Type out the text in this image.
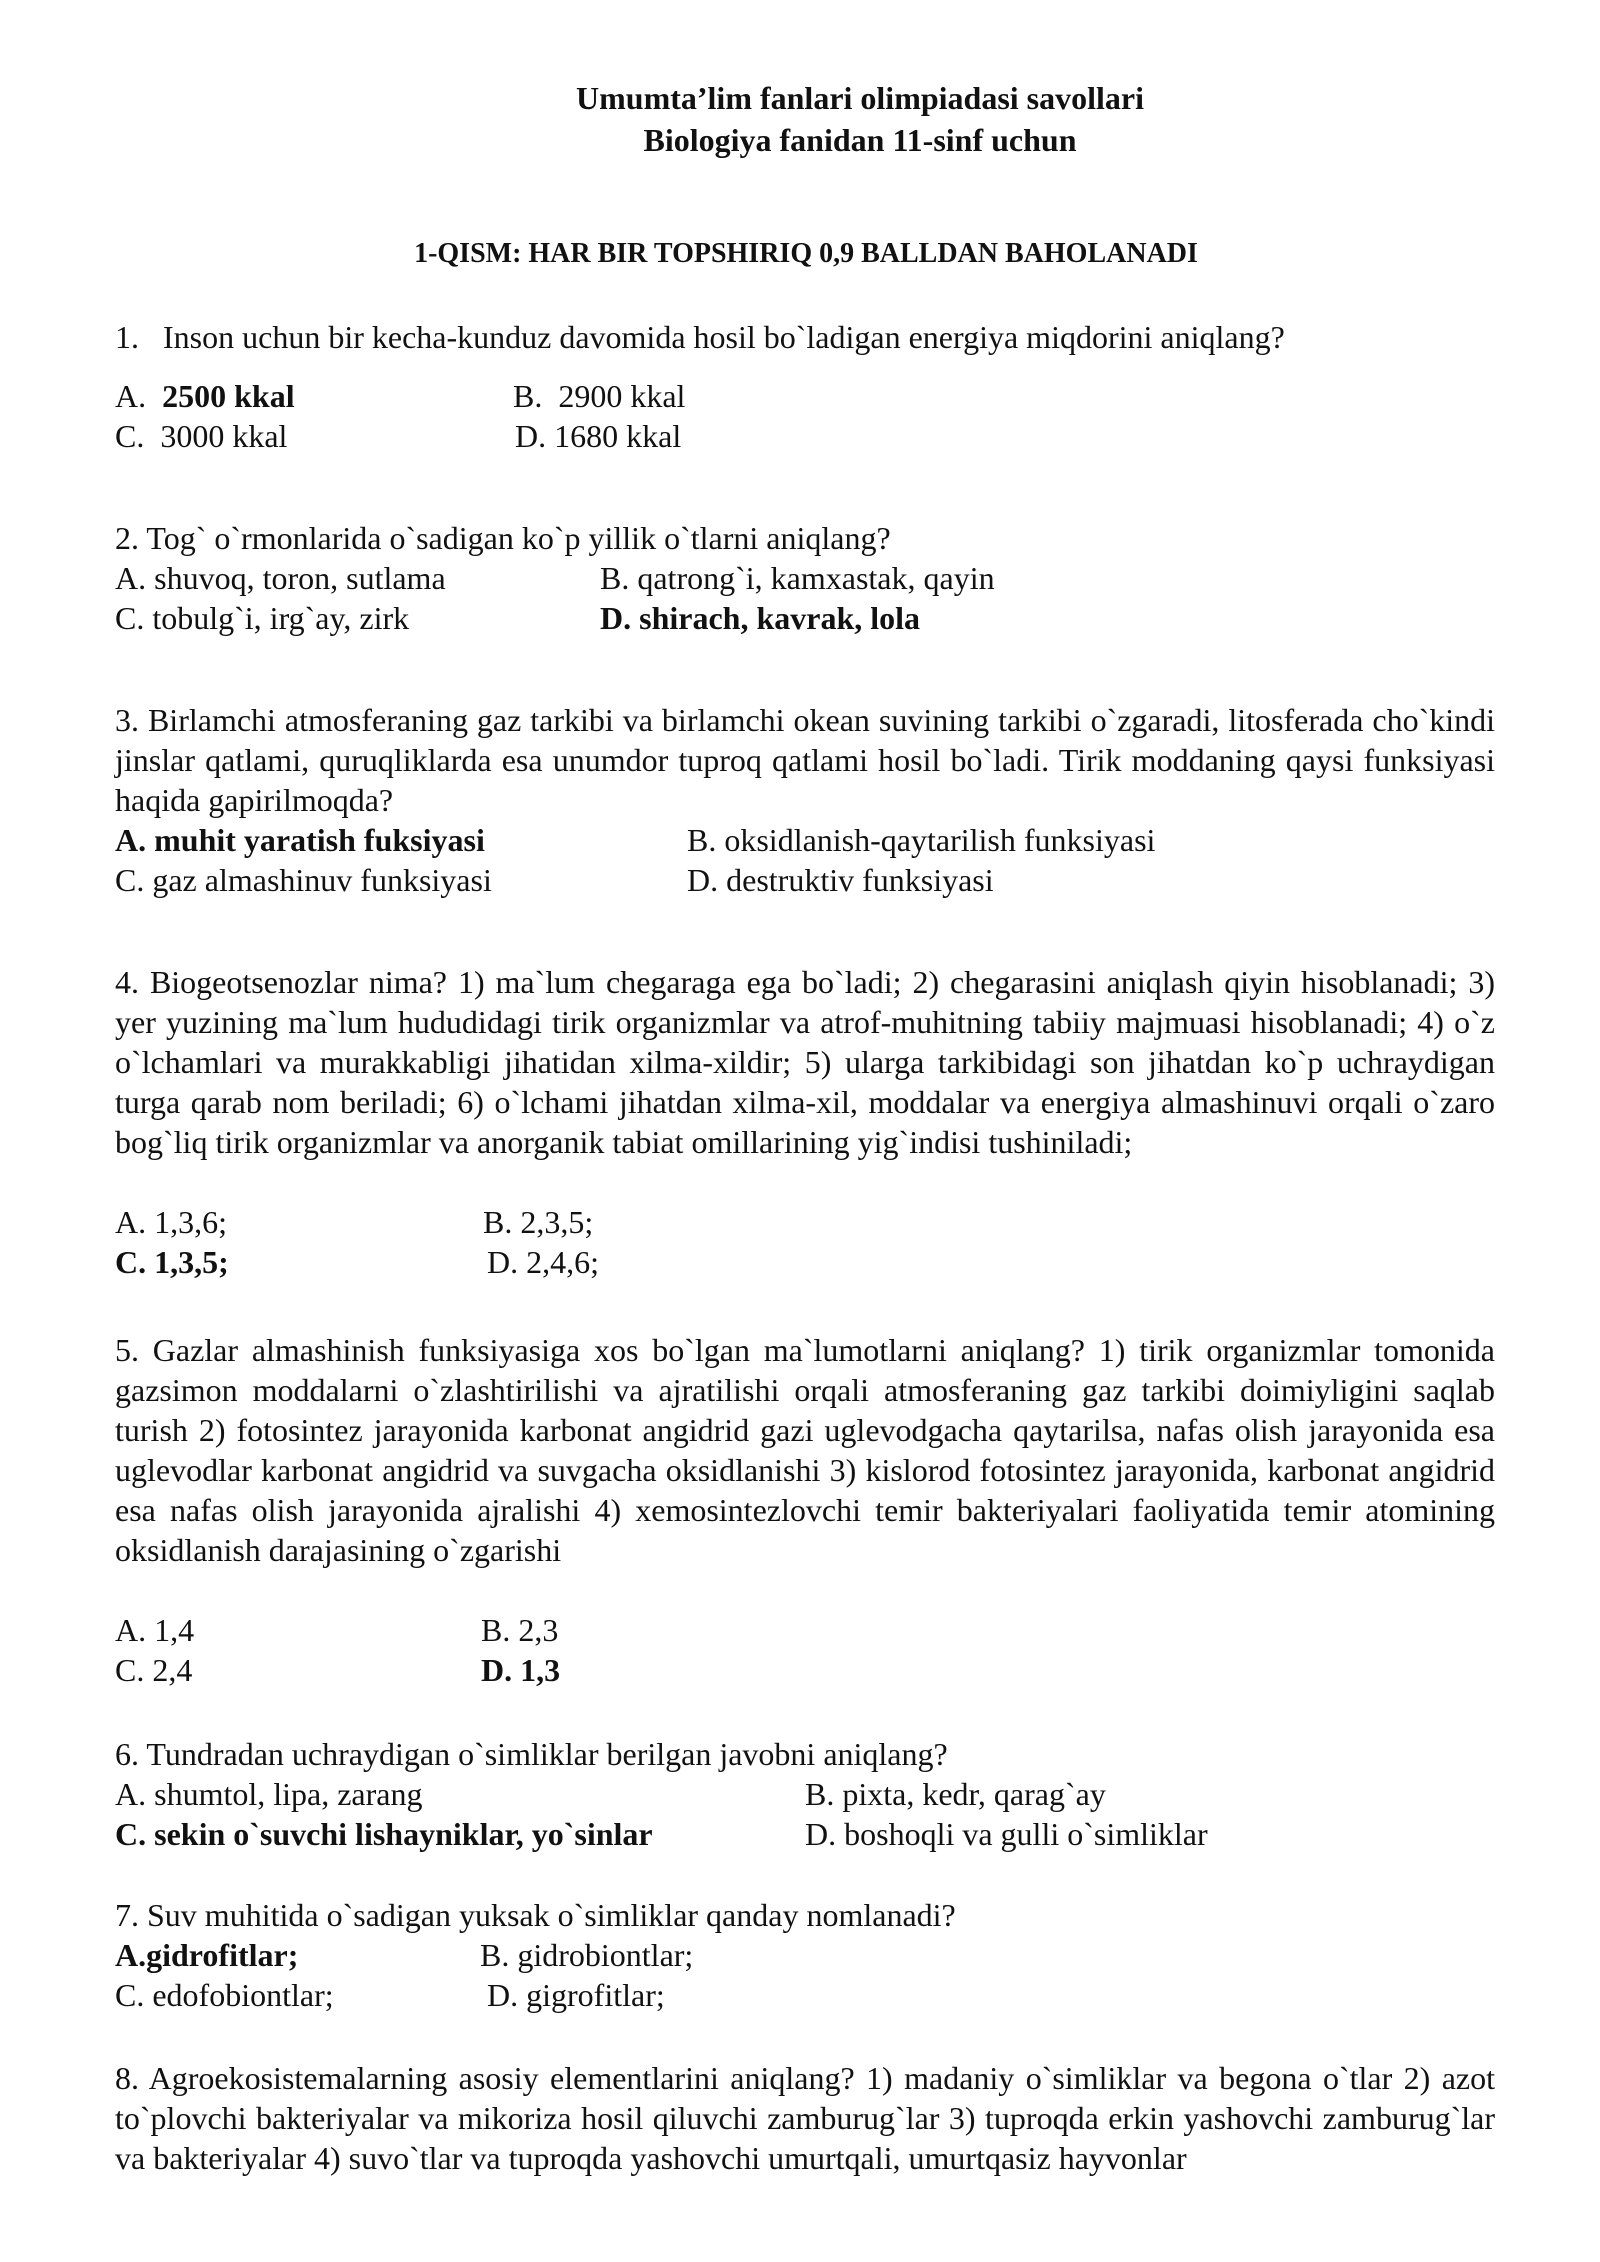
Umumta’lim fanlari olimpiadasi savollari
Biologiya fanidan 11-sinf uchun
1-QISM: HAR BIR TOPSHIRIQ 0,9 BALLDAN BAHOLANADI
1.   Inson uchun bir kecha-kunduz davomida hosil bo`ladigan energiya miqdorini aniqlang?
A. 2500 kkal	B. 2900 kkal
C. 3000 kkal	D. 1680 kkal
2. Tog` o`rmonlarida o`sadigan ko`p yillik o`tlarni aniqlang?
A. shuvoq, toron, sutlama	B. qatrong`i, kamxastak, qayin
C. tobulg`i, irg`ay, zirk	D. shirach, kavrak, lola
3. Birlamchi atmosferaning gaz tarkibi va birlamchi okean suvining tarkibi o`zgaradi, litosferada cho`kindi jinslar qatlami, quruqliklarda esa unumdor tuproq qatlami hosil bo`ladi. Tirik moddaning qaysi funksiyasi haqida gapirilmoqda?
A. muhit yaratish fuksiyasi	B. oksidlanish-qaytarilish funksiyasi
C. gaz almashinuv funksiyasi	D. destruktiv funksiyasi
4. Biogeotsenozlar nima? 1) ma`lum chegaraga ega bo`ladi; 2) chegarasini aniqlash qiyin hisoblanadi; 3) yer yuzining ma`lum hududidagi tirik organizmlar va atrof-muhitning tabiiy majmuasi hisoblanadi; 4) o`z o`lchamlari va murakkabligi jihatidan xilma-xildir; 5) ularga tarkibidagi son jihatdan ko`p uchraydigan turga qarab nom beriladi; 6) o`lchami jihatdan xilma-xil, moddalar va energiya almashinuvi orqali o`zaro bog`liq tirik organizmlar va anorganik tabiat omillarining yig`indisi tushiniladi;
A. 1,3,6;	B. 2,3,5;
C. 1,3,5;	D. 2,4,6;
5. Gazlar almashinish funksiyasiga xos bo`lgan ma`lumotlarni aniqlang? 1) tirik organizmlar tomonida gazsimon moddalarni o`zlashtirilishi va ajratilishi orqali atmosferaning gaz tarkibi doimiyligini saqlab turish 2) fotosintez jarayonida karbonat angidrid gazi uglevodgacha qaytarilsa, nafas olish jarayonida esa uglevodlar karbonat angidrid va suvgacha oksidlanishi 3) kislorod fotosintez jarayonida, karbonat angidrid esa nafas olish jarayonida ajralishi 4) xemosintezlovchi temir bakteriyalari faoliyatida temir atomining oksidlanish darajasining o`zgarishi
A. 1,4	B. 2,3
C. 2,4	D. 1,3
6. Tundradan uchraydigan o`simliklar berilgan javobni aniqlang?
A. shumtol, lipa, zarang	B. pixta, kedr, qarag`ay
C. sekin o`suvchi lishayniklar, yo`sinlar	D. boshoqli va gulli o`simliklar
7. Suv muhitida o`sadigan yuksak o`simliklar qanday nomlanadi?
A.gidrofitlar;	B. gidrobiontlar;
C. edofobiontlar;	D. gigrofitlar;
8. Agroekosistemalarning asosiy elementlarini aniqlang? 1) madaniy o`simliklar va begona o`tlar 2) azot to`plovchi bakteriyalar va mikoriza hosil qiluvchi zamburug`lar 3) tuproqda erkin yashovchi zamburug`lar va bakteriyalar 4) suvo`tlar va tuproqda yashovchi umurtqali, umurtqasiz hayvonlar
